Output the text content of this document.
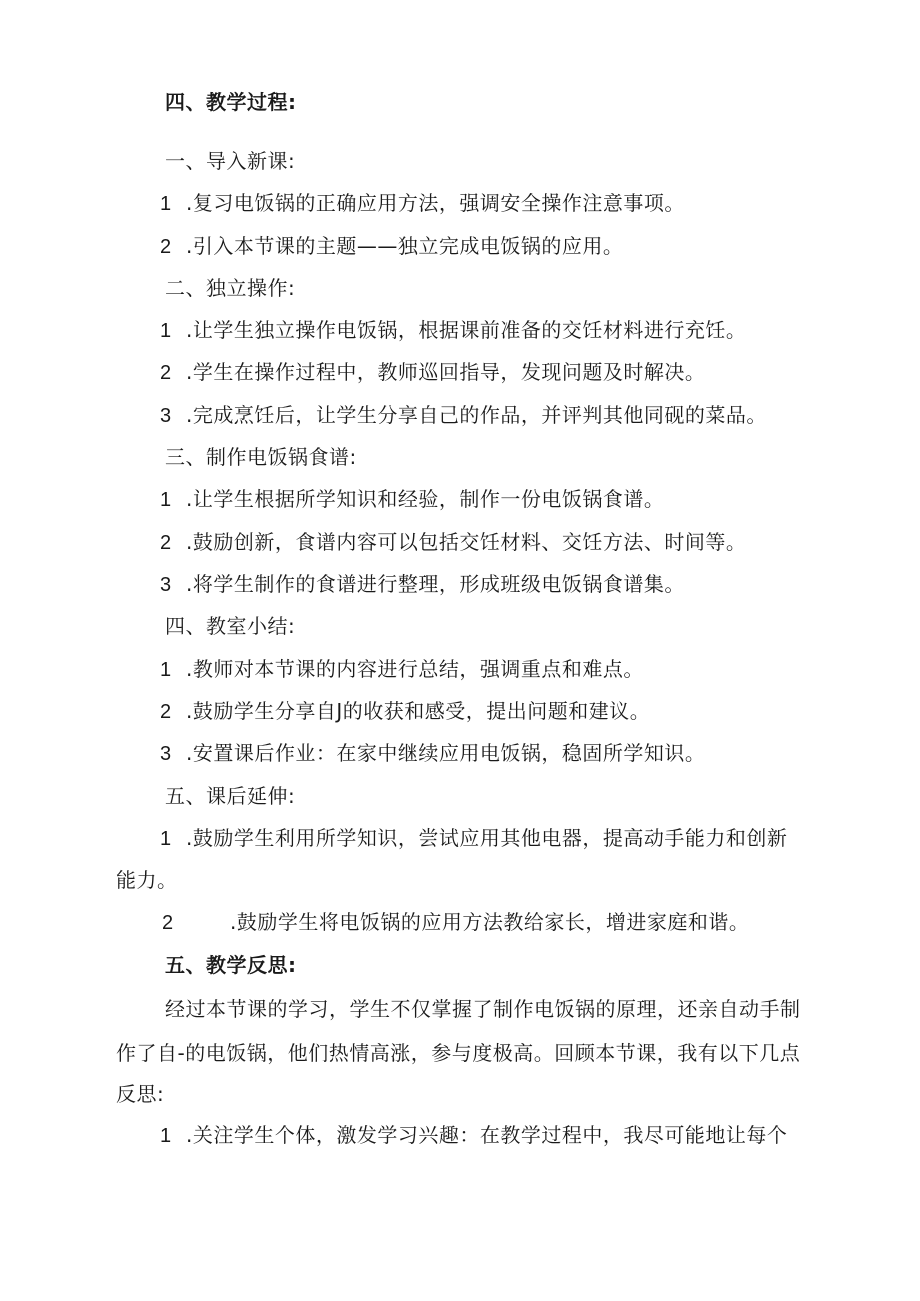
四、教学过程:
一、导入新课:
1 .复习电饭锅的正确应用方法，强调安全操作注意事项。
2 .引入本节课的主题——独立完成电饭锅的应用。
二、独立操作:
1 .让学生独立操作电饭锅，根据课前准备的交饪材料进行充饪。
2 .学生在操作过程中，教师巡回指导，发现问题及时解决。
3 .完成烹饪后，让学生分享自己的作品，并评判其他同砚的菜品。
三、制作电饭锅食谱:
1 .让学生根据所学知识和经验，制作一份电饭锅食谱。
2 .鼓励创新，食谱内容可以包括交饪材料、交饪方法、时间等。
3 .将学生制作的食谱进行整理，形成班级电饭锅食谱集。
四、教室小结:
1 .教师对本节课的内容进行总结，强调重点和难点。
2 .鼓励学生分享自J的收获和感受，提出问题和建议。
3 .安置课后作业：在家中继续应用电饭锅，稳固所学知识。
五、课后延伸:
1 .鼓励学生利用所学知识，尝试应用其他电器，提高动手能力和创新
能力。
2	.鼓励学生将电饭锅的应用方法教给家长，增进家庭和谐。
五、教学反思:
经过本节课的学习，学生不仅掌握了制作电饭锅的原理，还亲自动手制
作了自-的电饭锅，他们热情高涨，参与度极高。回顾本节课，我有以下几点
反思:
1 .关注学生个体，激发学习兴趣：在教学过程中，我尽可能地让每个
